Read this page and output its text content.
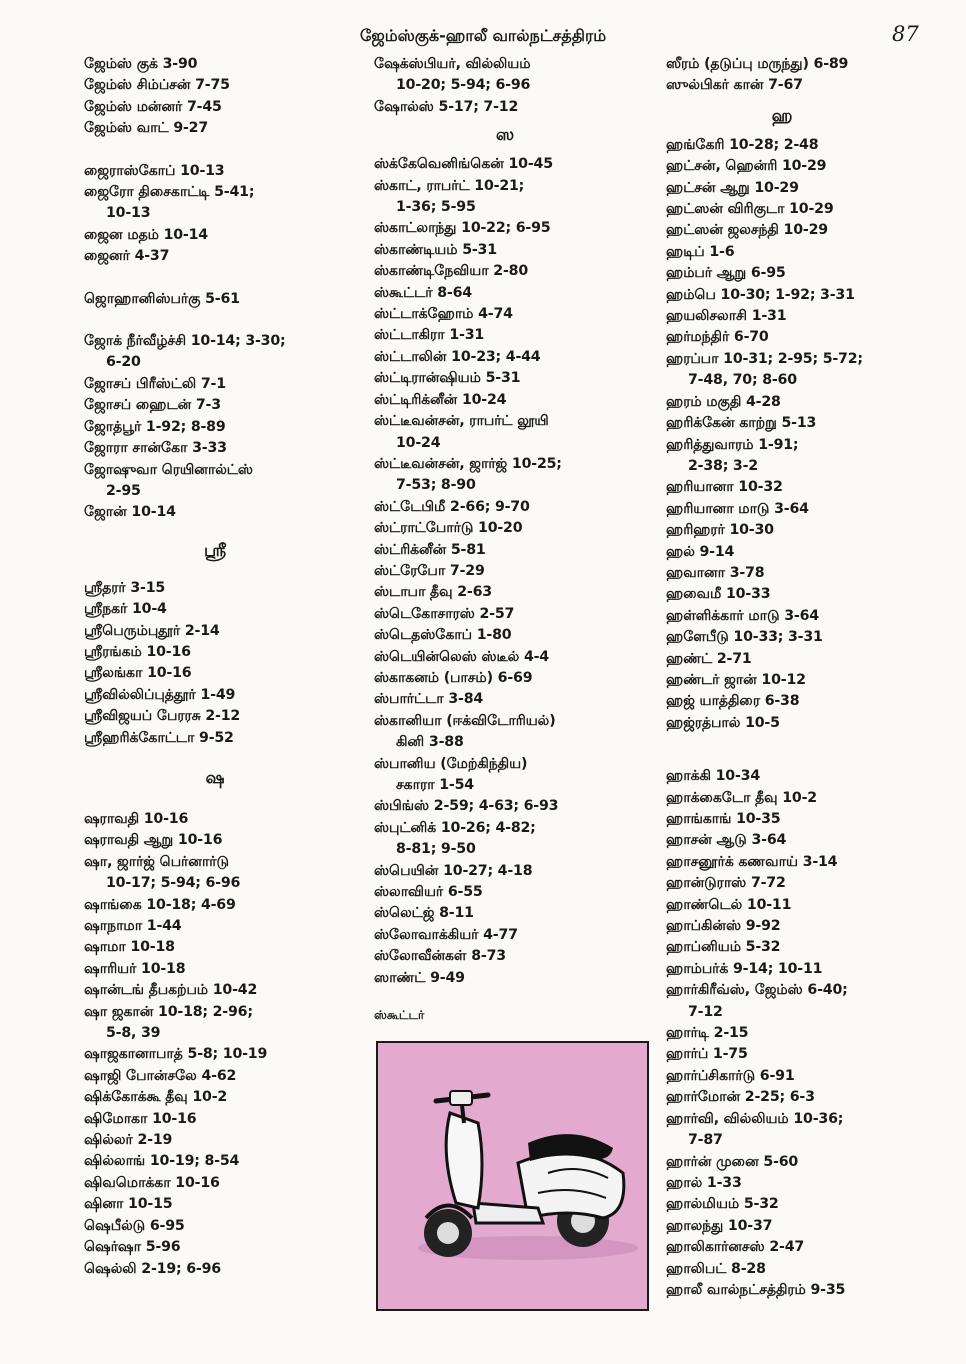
ஜேம்ஸ்குக்-ஹாலீ வால்நட்சத்திரம்	87
ஜேம்ஸ் குக் 3-90
ஜேம்ஸ் சிம்ப்சன் 7-75
ஜேம்ஸ் மன்னர் 7-45
ஜேம்ஸ் வாட் 9-27
ஜைராஸ்கோப் 10-13
ஜைரோ திசைகாட்டி 5-41;
10-13
ஜைன மதம் 10-14
ஜைனர் 4-37
ஜொஹானிஸ்பர்கு 5-61
ஜோக் நீர்வீழ்ச்சி 10-14; 3-30;
6-20
ஜோசப் பிரீஸ்ட்லி 7-1
ஜோசப் ஹைடன் 7-3
ஜோத்பூர் 1-92; 8-89
ஜோரா சான்கோ 3-33
ஜோஷுவா ரெயினால்ட்ஸ்
2-95
ஜோன் 10-14
ஸ்ரீ
ஸ்ரீதரர் 3-15
ஸ்ரீநகர் 10-4
ஸ்ரீபெரும்புதூர் 2-14
ஸ்ரீரங்கம் 10-16
ஸ்ரீலங்கா 10-16
ஸ்ரீவில்லிப்புத்தூர் 1-49
ஸ்ரீவிஜயப் பேரரசு 2-12
ஸ்ரீஹரிக்கோட்டா 9-52
ஷ
ஷராவதி 10-16
ஷராவதி ஆறு 10-16
ஷா, ஜார்ஜ் பெர்னார்டு
10-17; 5-94; 6-96
ஷாங்கை 10-18; 4-69
ஷாநாமா 1-44
ஷாமா 10-18
ஷாரியர் 10-18
ஷான்டங் தீபகற்பம் 10-42
ஷா ஜகான் 10-18; 2-96;
5-8, 39
ஷாஜகானாபாத் 5-8; 10-19
ஷாஜி போன்சலே 4-62
ஷிக்கோக்கூ தீவு 10-2
ஷிமோகா 10-16
ஷில்லர் 2-19
ஷில்லாங் 10-19; 8-54
ஷிவமொக்கா 10-16
ஷினா 10-15
ஷெபீல்டு 6-95
ஷெர்ஷா 5-96
ஷெல்லி 2-19; 6-96
ஷேக்ஸ்பியர், வில்லியம்
10-20; 5-94; 6-96
ஷோல்ஸ் 5-17; 7-12
ஸ
ஸ்க்கேவெனிங்கென் 10-45
ஸ்காட், ராபர்ட் 10-21;
1-36; 5-95
ஸ்காட்லாந்து 10-22; 6-95
ஸ்காண்டியம் 5-31
ஸ்காண்டிநேவியா 2-80
ஸ்கூட்டர் 8-64
ஸ்ட்டாக்ஹோம் 4-74
ஸ்ட்டாகிரா 1-31
ஸ்ட்டாலின் 10-23; 4-44
ஸ்ட்டிரான்ஷியம் 5-31
ஸ்ட்டிரிக்னீன் 10-24
ஸ்ட்டீவன்சன், ராபர்ட் லூயி
10-24
ஸ்ட்டீவன்சன், ஜார்ஜ் 10-25;
7-53; 8-90
ஸ்ட்டேபிமீ 2-66; 9-70
ஸ்ட்ராட்போர்டு 10-20
ஸ்ட்ரிக்னீன் 5-81
ஸ்ட்ரேபோ 7-29
ஸ்டாபா தீவு 2-63
ஸ்டெகோசாரஸ் 2-57
ஸ்டெதஸ்கோப் 1-80
ஸ்டெயின்லெஸ் ஸ்டீல் 4-4
ஸ்காகனம் (பாசம்) 6-69
ஸ்பார்ட்டா 3-84
ஸ்கானியா (ஈக்விடோரியல்)
கினி 3-88
ஸ்பானிய (மேற்கிந்திய)
சகாரா 1-54
ஸ்பிங்ஸ் 2-59; 4-63; 6-93
ஸ்புட்னிக் 10-26; 4-82;
8-81; 9-50
ஸ்பெயின் 10-27; 4-18
ஸ்லாவியர் 6-55
ஸ்லெட்ஜ் 8-11
ஸ்லோவாக்கியர் 4-77
ஸ்லோவீன்கள் 8-73
ஸாண்ட் 9-49
ஸ்கூட்டர்
ஸீரம் (தடுப்பு மருந்து) 6-89
ஸுல்பிகர் கான் 7-67
ஹ
ஹங்கேரி 10-28; 2-48
ஹட்சன், ஹென்ரி 10-29
ஹட்சன் ஆறு 10-29
ஹட்ஸன் விரிகுடா 10-29
ஹட்ஸன் ஜலசந்தி 10-29
ஹடிப் 1-6
ஹம்பர் ஆறு 6-95
ஹம்பெ 10-30; 1-92; 3-31
ஹயலிசலாசி 1-31
ஹர்மந்திர் 6-70
ஹரப்பா 10-31; 2-95; 5-72;
7-48, 70; 8-60
ஹரம் மகுதி 4-28
ஹரிக்கேன் காற்று 5-13
ஹரித்துவாரம் 1-91;
2-38; 3-2
ஹரியானா 10-32
ஹரியானா மாடு 3-64
ஹரிஹரர் 10-30
ஹல் 9-14
ஹவானா 3-78
ஹவைமீ 10-33
ஹள்ளிக்கார் மாடு 3-64
ஹளேபீடு 10-33; 3-31
ஹண்ட் 2-71
ஹண்டர் ஜான் 10-12
ஹஜ் யாத்திரை 6-38
ஹஜ்ரத்பால் 10-5
ஹாக்கி 10-34
ஹாக்கைடோ தீவு 10-2
ஹாங்காங் 10-35
ஹாசன் ஆடு 3-64
ஹாசனூர்க் கணவாய் 3-14
ஹான்டுராஸ் 7-72
ஹாண்டெல் 10-11
ஹாப்கின்ஸ் 9-92
ஹாப்னியம் 5-32
ஹாம்பர்க் 9-14; 10-11
ஹார்கிரீவ்ஸ், ஜேம்ஸ் 6-40;
7-12
ஹார்டி 2-15
ஹார்ப் 1-75
ஹார்ப்சிகார்டு 6-91
ஹார்மோன் 2-25; 6-3
ஹார்வி, வில்லியம் 10-36;
7-87
ஹார்ன் முனை 5-60
ஹால் 1-33
ஹால்மியம் 5-32
ஹாலந்து 10-37
ஹாலிகார்னசஸ் 2-47
ஹாலிபட் 8-28
ஹாலீ வால்நட்சத்திரம் 9-35
